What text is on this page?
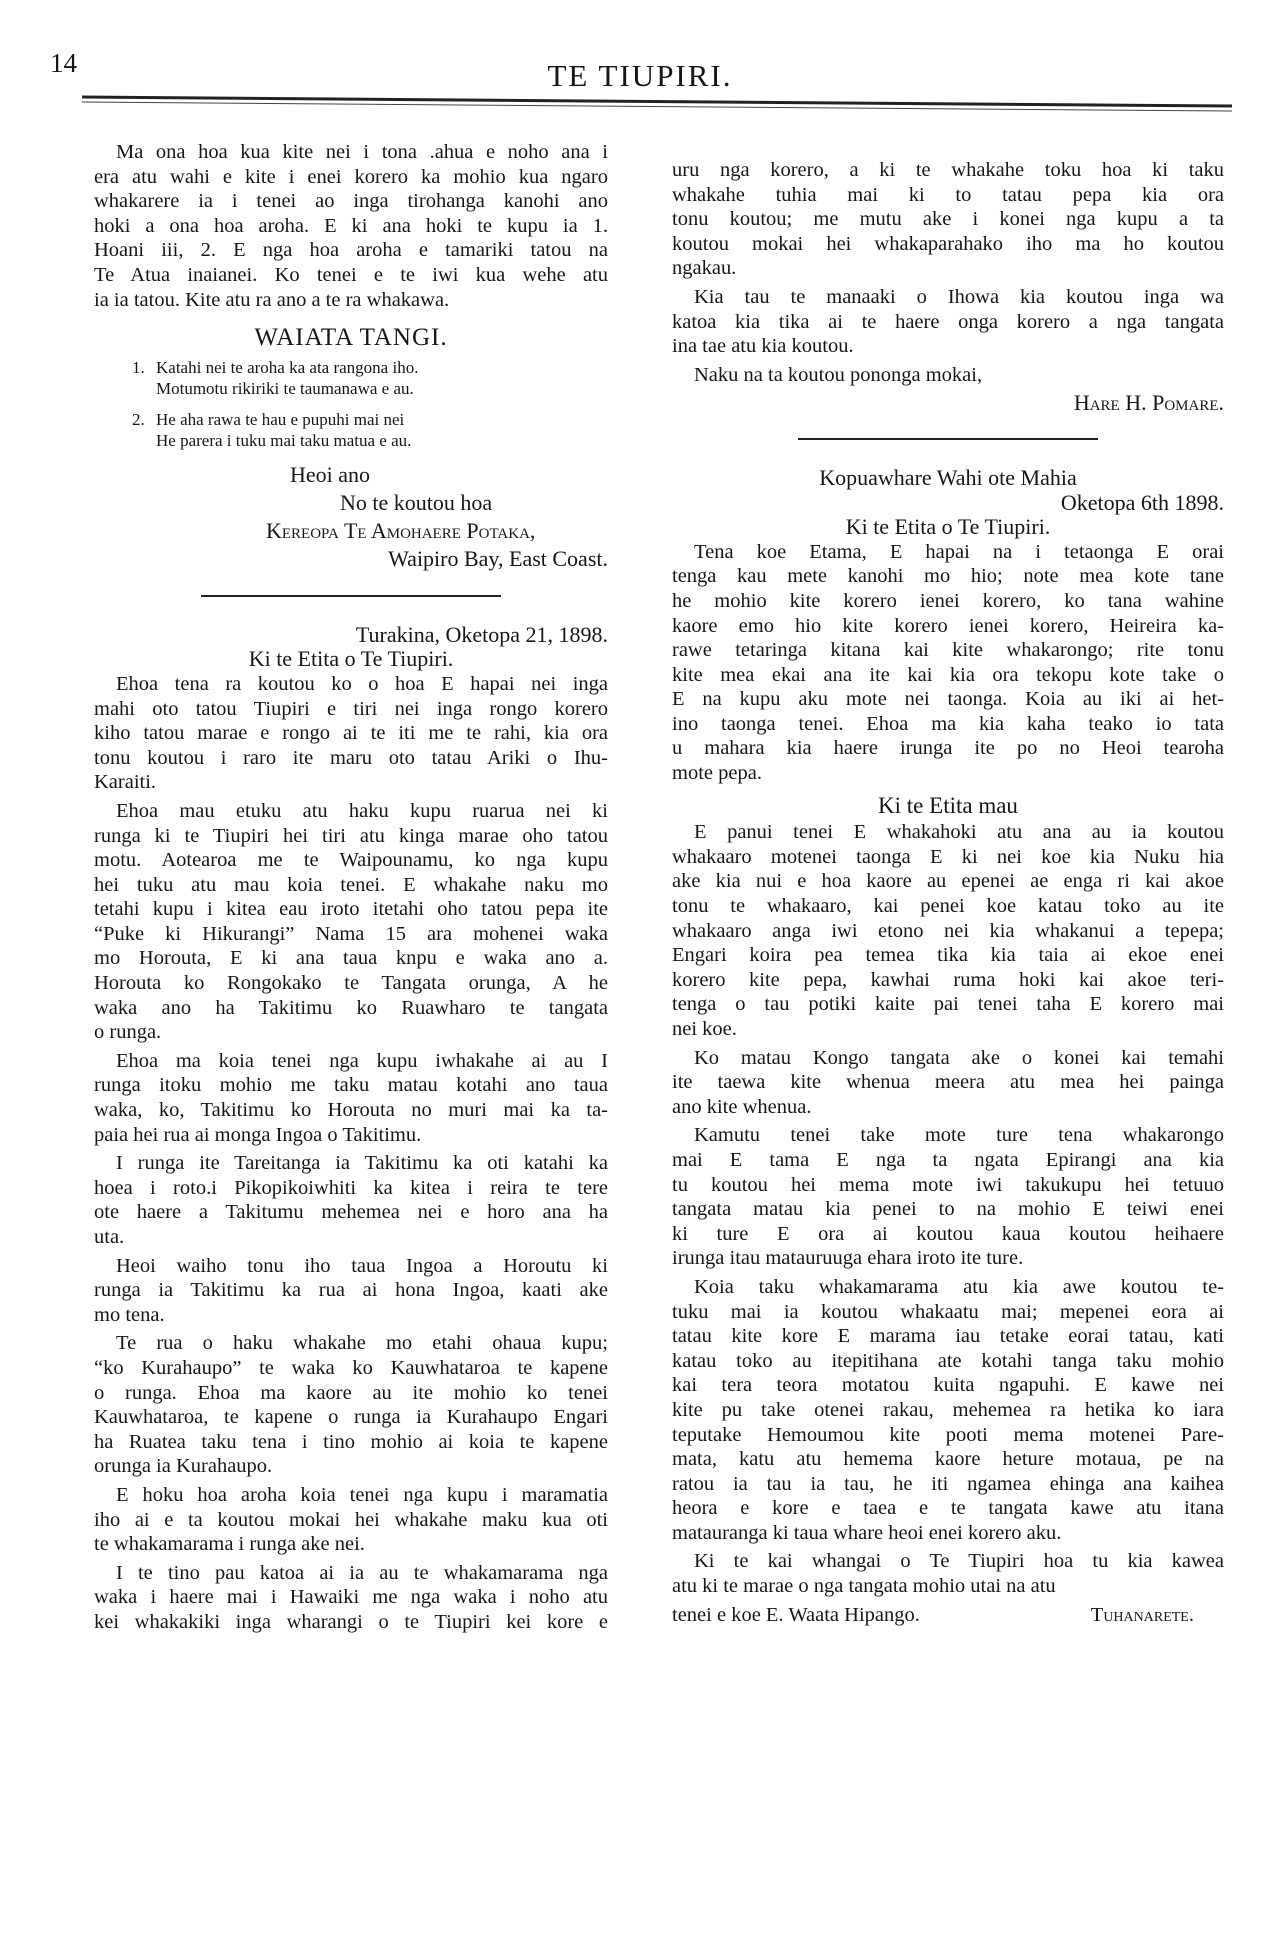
14	TE TIUPIRI.
Ma ona hoa kua kite nei i tona .ahua e noho ana i
era atu wahi e kite i enei korero ka mohio kua ngaro
whakarere ia i tenei ao inga tirohanga kanohi ano
hoki a ona hoa aroha. E ki ana hoki te kupu ia 1.
Hoani iii, 2. E nga hoa aroha e tamariki tatou na
Te Atua inaianei. Ko tenei e te iwi kua wehe atu
ia ia tatou. Kite atu ra ano a te ra whakawa.
WAIATA TANGI.
1. Katahi nei te aroha ka ata rangona iho.
Motumotu rikiriki te taumanawa e au.
2. He aha rawa te hau e pupuhi mai nei
He parera i tuku mai taku matua e au.
Heoi ano
No te koutou hoa
Kereopa Te Amohaere Potaka,
Waipiro Bay, East Coast.
Turakina, Oketopa 21, 1898.
Ki te Etita o Te Tiupiri.
Ehoa tena ra koutou ko o hoa E hapai nei inga
mahi oto tatou Tiupiri e tiri nei inga rongo korero
kiho tatou marae e rongo ai te iti me te rahi, kia ora
tonu koutou i raro ite maru oto tatau Ariki o Ihu-
Karaiti.
Ehoa mau etuku atu haku kupu ruarua nei ki
runga ki te Tiupiri hei tiri atu kinga marae oho tatou
motu. Aotearoa me te Waipounamu, ko nga kupu
hei tuku atu mau koia tenei. E whakahe naku mo
tetahi kupu i kitea eau iroto itetahi oho tatou pepa ite
“Puke ki Hikurangi” Nama 15 ara mohenei waka
mo Horouta, E ki ana taua knpu e waka ano a.
Horouta ko Rongokako te Tangata orunga, A he
waka ano ha Takitimu ko Ruawharo te tangata
o runga.
Ehoa ma koia tenei nga kupu iwhakahe ai au I
runga itoku mohio me taku matau kotahi ano taua
waka, ko, Takitimu ko Horouta no muri mai ka ta-
paia hei rua ai monga Ingoa o Takitimu.
I runga ite Tareitanga ia Takitimu ka oti katahi ka
hoea i roto.i Pikopikoiwhiti ka kitea i reira te tere
ote haere a Takitumu mehemea nei e horo ana ha
uta.
Heoi waiho tonu iho taua Ingoa a Horoutu ki
runga ia Takitimu ka rua ai hona Ingoa, kaati ake
mo tena.
Te rua o haku whakahe mo etahi ohaua kupu;
“ko Kurahaupo” te waka ko Kauwhataroa te kapene
o runga. Ehoa ma kaore au ite mohio ko tenei
Kauwhataroa, te kapene o runga ia Kurahaupo Engari
ha Ruatea taku tena i tino mohio ai koia te kapene
orunga ia Kurahaupo.
E hoku hoa aroha koia tenei nga kupu i maramatia
iho ai e ta koutou mokai hei whakahe maku kua oti
te whakamarama i runga ake nei.
I te tino pau katoa ai ia au te whakamarama nga
waka i haere mai i Hawaiki me nga waka i noho atu
kei whakakiki inga wharangi o te Tiupiri kei kore e
uru nga korero, a ki te whakahe toku hoa ki taku
whakahe tuhia mai ki to tatau pepa kia ora
tonu koutou; me mutu ake i konei nga kupu a ta
koutou mokai hei whakaparahako iho ma ho koutou
ngakau.
Kia tau te manaaki o Ihowa kia koutou inga wa
katoa kia tika ai te haere onga korero a nga tangata
ina tae atu kia koutou.
Naku na ta koutou pononga mokai,
Hare H. Pomare.
Kopuawhare Wahi ote Mahia
Oketopa 6th 1898.
Ki te Etita o Te Tiupiri.
Tena koe Etama, E hapai na i tetaonga E orai
tenga kau mete kanohi mo hio; note mea kote tane
he mohio kite korero ienei korero, ko tana wahine
kaore emo hio kite korero ienei korero, Heireira ka-
rawe tetaringa kitana kai kite whakarongo; rite tonu
kite mea ekai ana ite kai kia ora tekopu kote take o
E na kupu aku mote nei taonga. Koia au iki ai het-
ino taonga tenei. Ehoa ma kia kaha teako io tata
u mahara kia haere irunga ite po no Heoi tearoha
mote pepa.
Ki te Etita mau
E panui tenei E whakahoki atu ana au ia koutou
whakaaro motenei taonga E ki nei koe kia Nuku hia
ake kia nui e hoa kaore au epenei ae enga ri kai akoe
tonu te whakaaro, kai penei koe katau toko au ite
whakaaro anga iwi etono nei kia whakanui a tepepa;
Engari koira pea temea tika kia taia ai ekoe enei
korero kite pepa, kawhai ruma hoki kai akoe teri-
tenga o tau potiki kaite pai tenei taha E korero mai
nei koe.
Ko matau Kongo tangata ake o konei kai temahi
ite taewa kite whenua meera atu mea hei painga
ano kite whenua.
Kamutu tenei take mote ture tena whakarongo
mai E tama E nga ta ngata Epirangi ana kia
tu koutou hei mema mote iwi takukupu hei tetuuo
tangata matau kia penei to na mohio E teiwi enei
ki ture E ora ai koutou kaua koutou heihaere
irunga itau matauruuga ehara iroto ite ture.
Koia taku whakamarama atu kia awe koutou te-
tuku mai ia koutou whakaatu mai; mepenei eora ai
tatau kite kore E marama iau tetake eorai tatau, kati
katau toko au itepitihana ate kotahi tanga taku mohio
kai tera teora motatou kuita ngapuhi. E kawe nei
kite pu take otenei rakau, mehemea ra hetika ko iara
teputake Hemoumou kite pooti mema motenei Pare-
mata, katu atu hemema kaore heture motaua, pe na
ratou ia tau ia tau, he iti ngamea ehinga ana kaihea
heora e kore e taea e te tangata kawe atu itana
matauranga ki taua whare heoi enei korero aku.
Ki te kai whangai o Te Tiupiri hoa tu kia kawea
atu ki te marae o nga tangata mohio utai na atu
tenei e koe E. Waata Hipango.	Tuhanarete.
